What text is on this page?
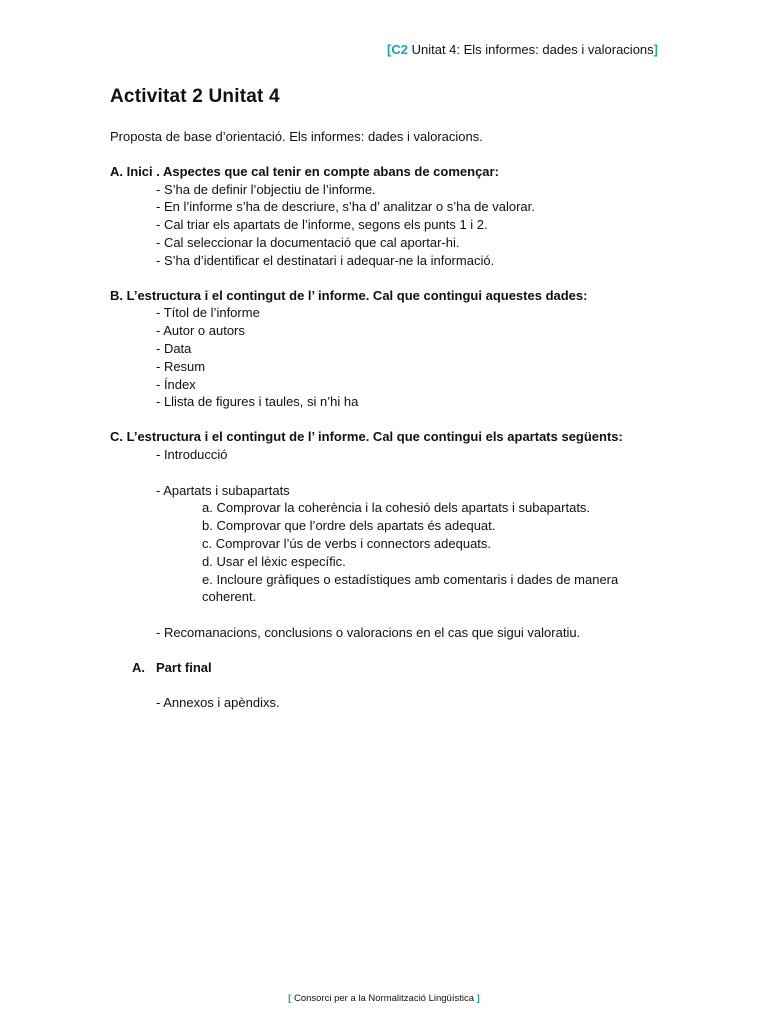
[C2 Unitat 4: Els informes: dades i valoracions]
Activitat 2 Unitat 4

Proposta de base d’orientació. Els informes: dades i valoracions.

A. Inici . Aspectes que cal tenir en compte abans de començar:
- S’ha de definir l’objectiu de l’informe.
- En l’informe s’ha de descriure, s’ha d’ analitzar o s’ha de valorar.
- Cal triar els apartats de l’informe, segons els punts 1 i 2.
- Cal seleccionar la documentació que cal aportar-hi.
- S’ha d’identificar el destinatari i adequar-ne la informació.
B. L’estructura i el contingut de l’ informe. Cal que contingui aquestes dades:
- Títol de l’informe
- Autor o autors
- Data
- Resum
- Índex
- Llista de figures i taules, si n’hi ha
C. L’estructura i el contingut de l’ informe. Cal que contingui els apartats següents:
- Introducció
- Apartats i subapartats
a. Comprovar la coherència i la cohesió dels apartats i subapartats.
b. Comprovar que l’ordre dels apartats és adequat.
c. Comprovar l’ús de verbs i connectors adequats.
d. Usar el lèxic específic.
e. Incloure gràfiques o estadístiques amb comentaris i dades de manera coherent.
- Recomanacions, conclusions o valoracions en el cas que sigui valoratiu.
A. Part final
- Annexos i apèndixs.
[ Consorci per a la Normalització Lingüística ]
